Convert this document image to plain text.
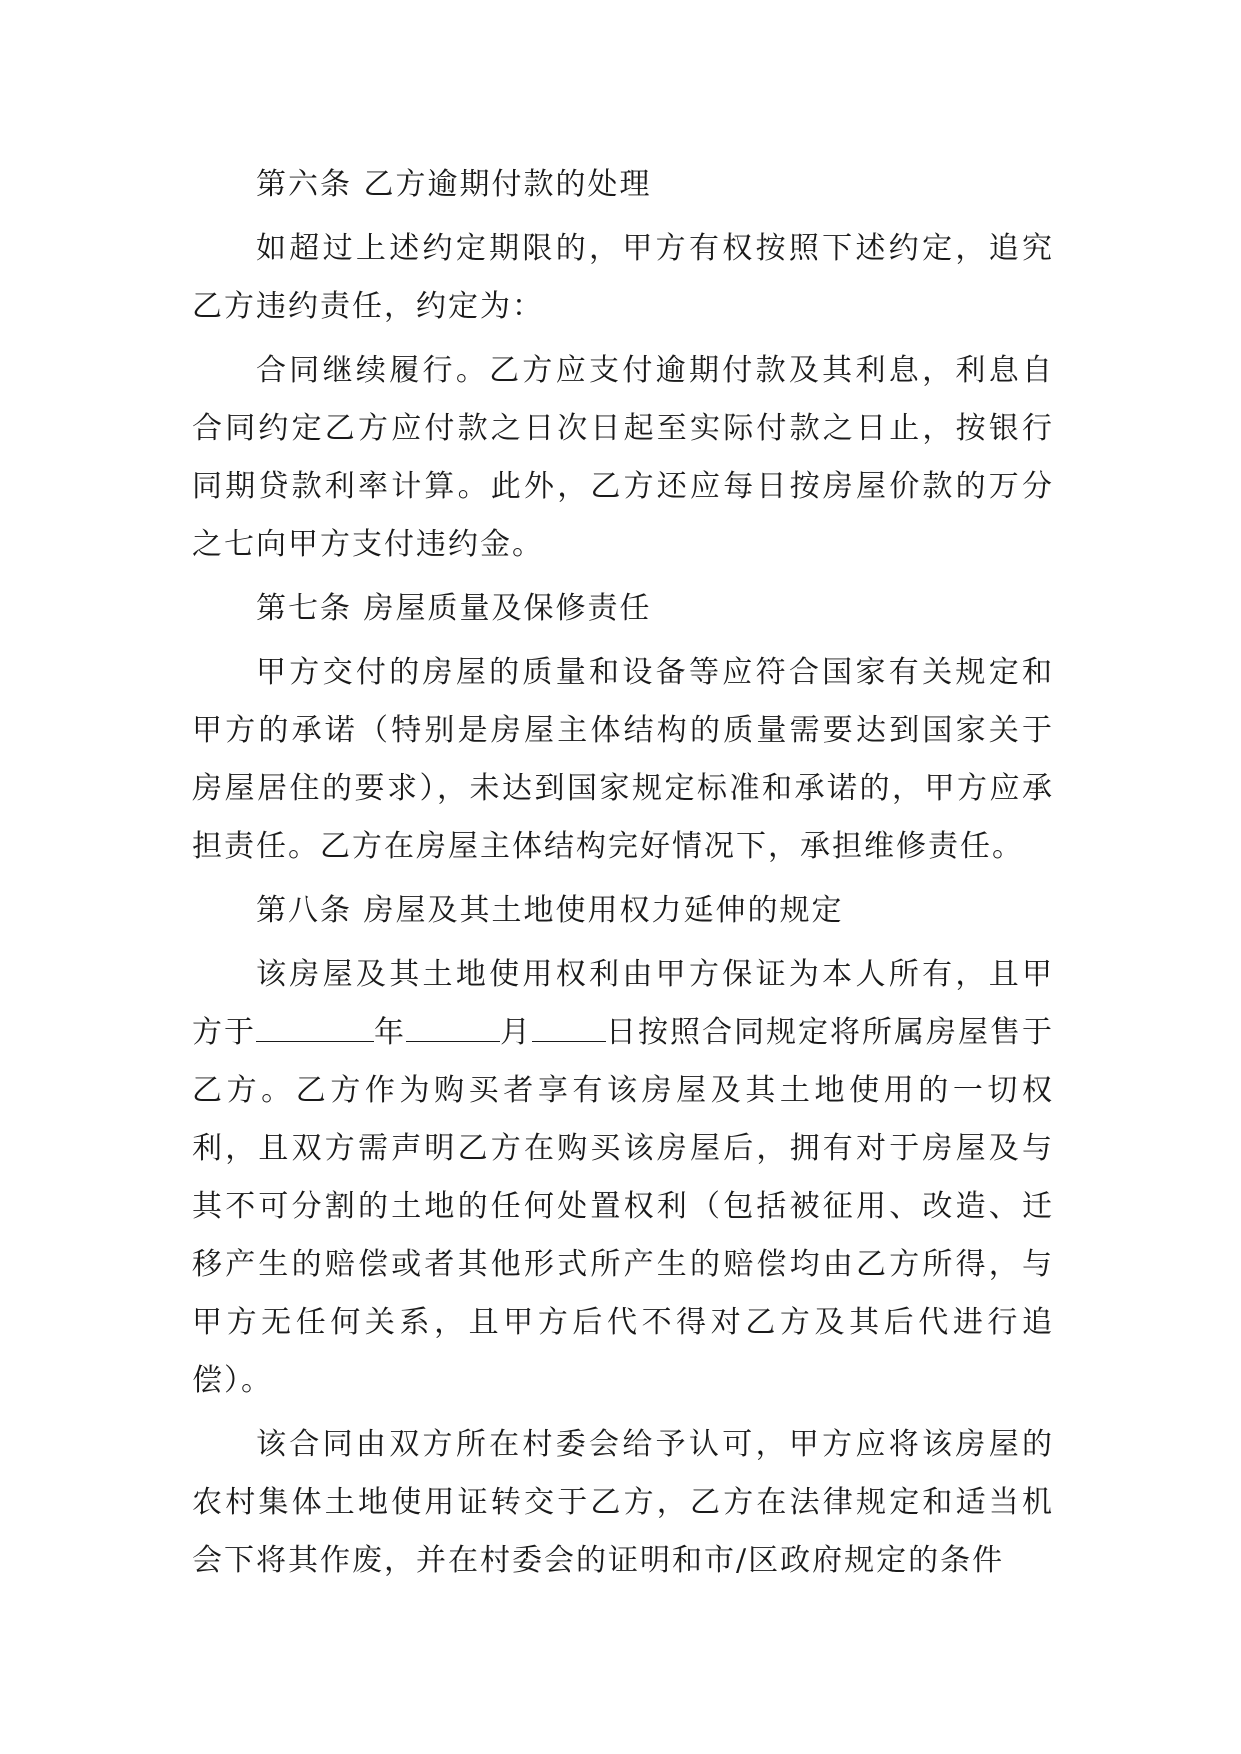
第六条 乙方逾期付款的处理

如超过上述约定期限的，甲方有权按照下述约定，追究乙方违约责任，约定为：

合同继续履行。乙方应支付逾期付款及其利息，利息自合同约定乙方应付款之日次日起至实际付款之日止，按银行同期贷款利率计算。此外，乙方还应每日按房屋价款的万分之七向甲方支付违约金。

第七条 房屋质量及保修责任

甲方交付的房屋的质量和设备等应符合国家有关规定和甲方的承诺（特别是房屋主体结构的质量需要达到国家关于房屋居住的要求），未达到国家规定标准和承诺的，甲方应承担责任。乙方在房屋主体结构完好情况下，承担维修责任。

第八条 房屋及其土地使用权力延伸的规定

该房屋及其土地使用权利由甲方保证为本人所有，且甲方于	年	月 日按照合同规定将所属房屋售于乙方。乙方作为购买者享有该房屋及其土地使用的一切权利，且双方需声明乙方在购买该房屋后，拥有对于房屋及与其不可分割的土地的任何处置权利（包括被征用、改造、迁移产生的赔偿或者其他形式所产生的赔偿均由乙方所得，与甲方无任何关系，且甲方后代不得对乙方及其后代进行追偿）。

该合同由双方所在村委会给予认可，甲方应将该房屋的农村集体土地使用证转交于乙方，乙方在法律规定和适当机会下将其作废，并在村委会的证明和市/区政府规定的条件
